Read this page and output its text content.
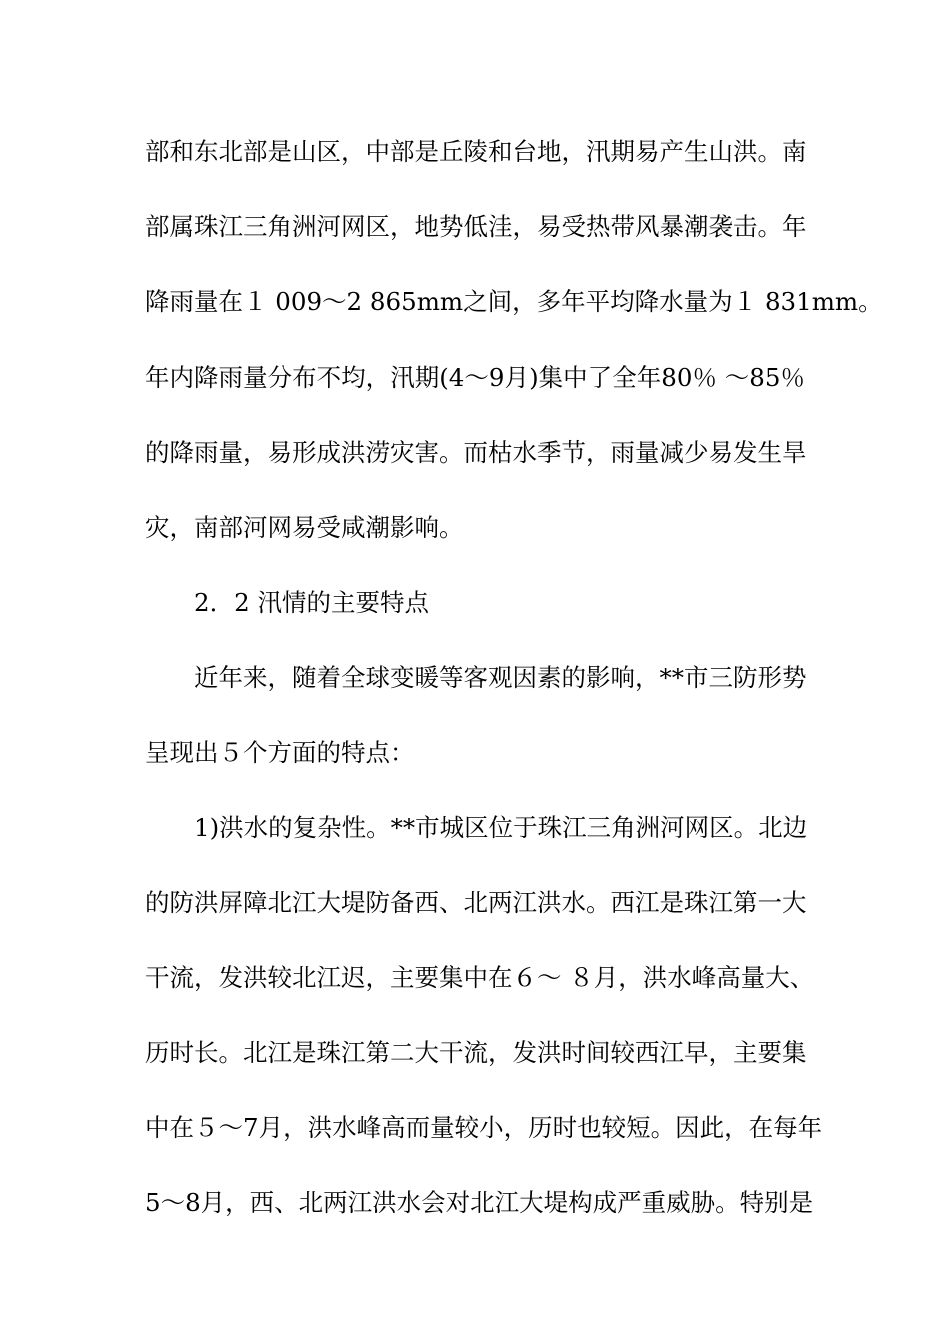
部和东北部是山区，中部是丘陵和台地，汛期易产生山洪。南
部属珠江三角洲河网区，地势低洼，易受热带风暴潮袭击。年
降雨量在１ 009～2 865mm之间，多年平均降水量为１ 831mm。
年内降雨量分布不均，汛期(4～9月)集中了全年80％ ～85％
的降雨量，易形成洪涝灾害。而枯水季节，雨量减少易发生旱
灾，南部河网易受咸潮影响。
2．2 汛情的主要特点
近年来，随着全球变暖等客观因素的影响，**市三防形势
呈现出５个方面的特点：
1)洪水的复杂性。**市城区位于珠江三角洲河网区。北边
的防洪屏障北江大堤防备西、北两江洪水。西江是珠江第一大
干流，发洪较北江迟，主要集中在６～ ８月，洪水峰高量大、
历时长。北江是珠江第二大干流，发洪时间较西江早，主要集
中在５～7月，洪水峰高而量较小，历时也较短。因此，在每年
5～8月，西、北两江洪水会对北江大堤构成严重威胁。特别是
